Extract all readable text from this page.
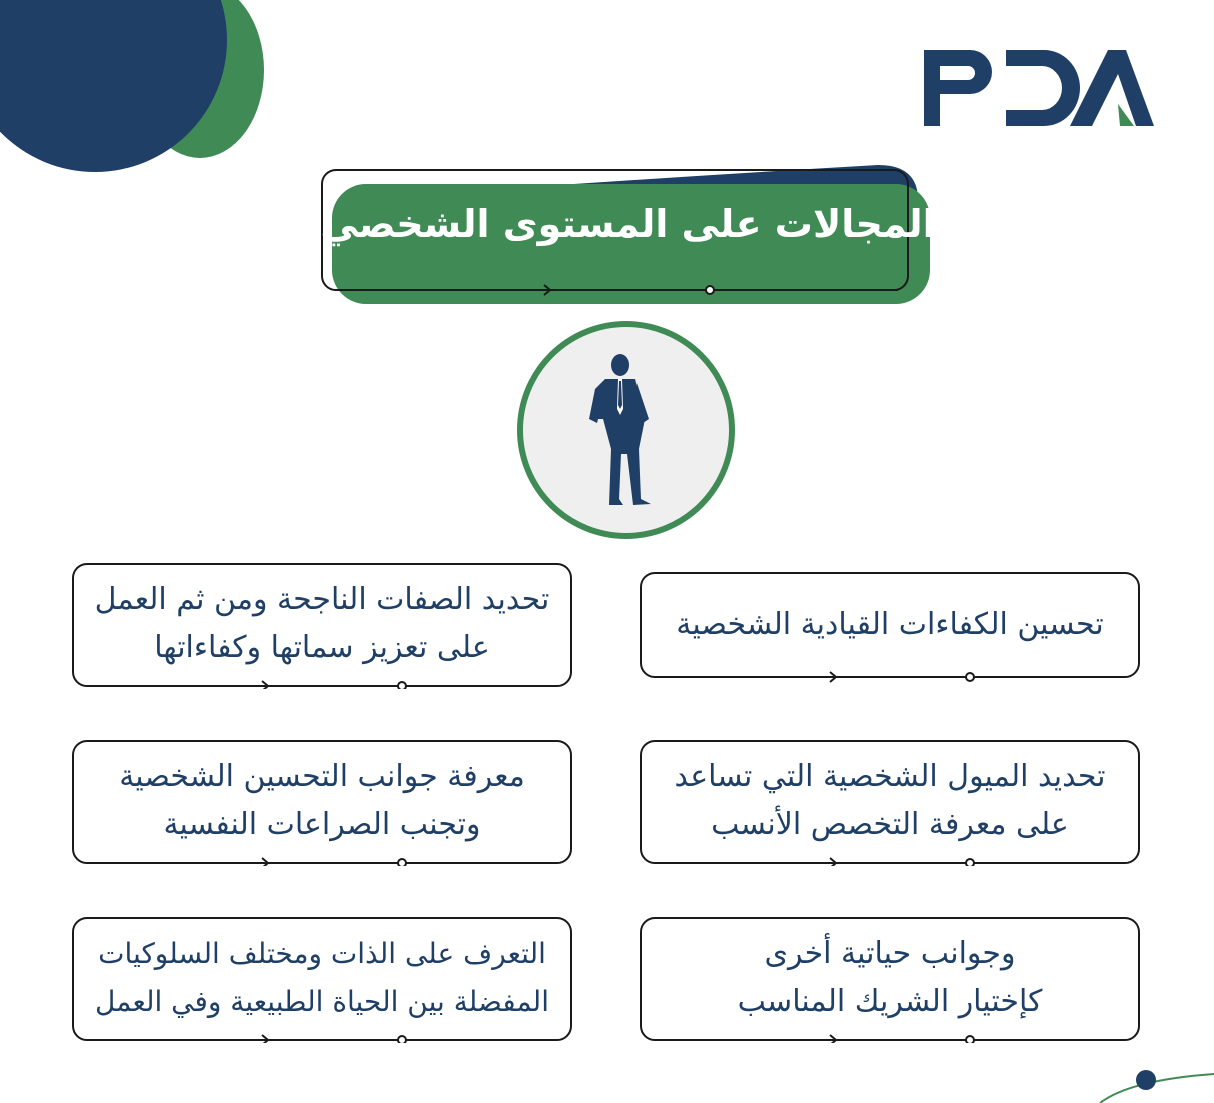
المجالات على المستوى الشخصي
تحسين الكفاءات القيادية الشخصية
تحديد الصفات الناجحة ومن ثم العمل
على تعزيز سماتها وكفاءاتها
تحديد الميول الشخصية التي تساعد
على معرفة التخصص الأنسب
معرفة جوانب التحسين الشخصية
وتجنب الصراعات النفسية
وجوانب حياتية أخرى
كإختيار الشريك المناسب
التعرف على الذات ومختلف السلوكيات
المفضلة بين الحياة الطبيعية وفي العمل
